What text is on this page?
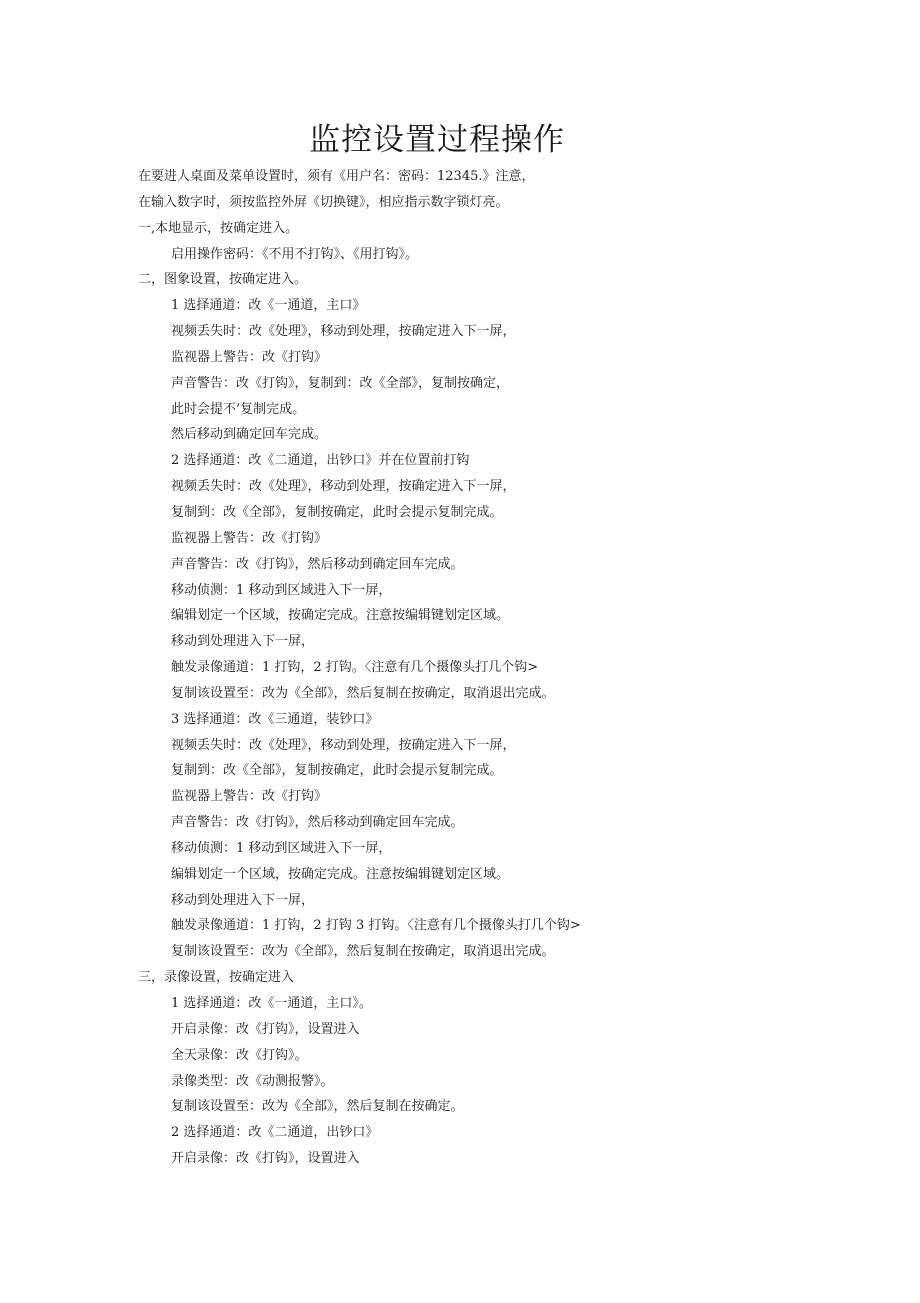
监控设置过程操作
在要进人桌面及菜单设置时，须有《用户名：密码：12345.》注意，
在输入数字时，须按监控外屏《切换键》，相应指示数字锁灯亮。
一,本地显示，按确定进入。
启用操作密码：《不用不打钩》、《用打钩》。
二，图象设置，按确定进入。
1 选择通道：改《一通道，主口》
视频丢失时：改《处理》，移动到处理，按确定进入下一屏，
监视器上警告：改《打钩》
声音警告：改《打钩》，复制到：改《全部》，复制按确定，
此时会提不’复制完成。
然后移动到确定回车完成。
2 选择通道：改《二通道，出钞口》并在位置前打钩
视频丢失时：改《处理》，移动到处理，按确定进入下一屏，
复制到：改《全部》，复制按确定，此时会提示复制完成。
监视器上警告：改《打钩》
声音警告：改《打钩》，然后移动到确定回车完成。
移动侦测：1 移动到区域进入下一屏，
编辑划定一个区域，按确定完成。注意按编辑键划定区域。
移动到处理进入下一屏，
触发录像通道：1 打钩，2 打钩。〈注意有几个摄像头打几个钩>
复制该设置至：改为《全部》，然后复制在按确定，取消退出完成。
3 选择通道：改《三通道，装钞口》
视频丢失时：改《处理》，移动到处理，按确定进入下一屏，
复制到：改《全部》，复制按确定，此时会提示复制完成。
监视器上警告：改《打钩》
声音警告：改《打钩》，然后移动到确定回车完成。
移动侦测：1 移动到区域进入下一屏，
编辑划定一个区域，按确定完成。注意按编辑键划定区域。
移动到处理进入下一屏，
触发录像通道：1 打钩，2 打钩 3 打钩。〈注意有几个摄像头打几个钩>
复制该设置至：改为《全部》，然后复制在按确定，取消退出完成。
三，录像设置，按确定进入
1 选择通道：改《一通道，主口》。
开启录像：改《打钩》，设置进入
全天录像：改《打钩》。
录像类型：改《动测报警》。
复制该设置至：改为《全部》，然后复制在按确定。
2 选择通道：改《二通道，出钞口》
开启录像：改《打钩》，设置进入
